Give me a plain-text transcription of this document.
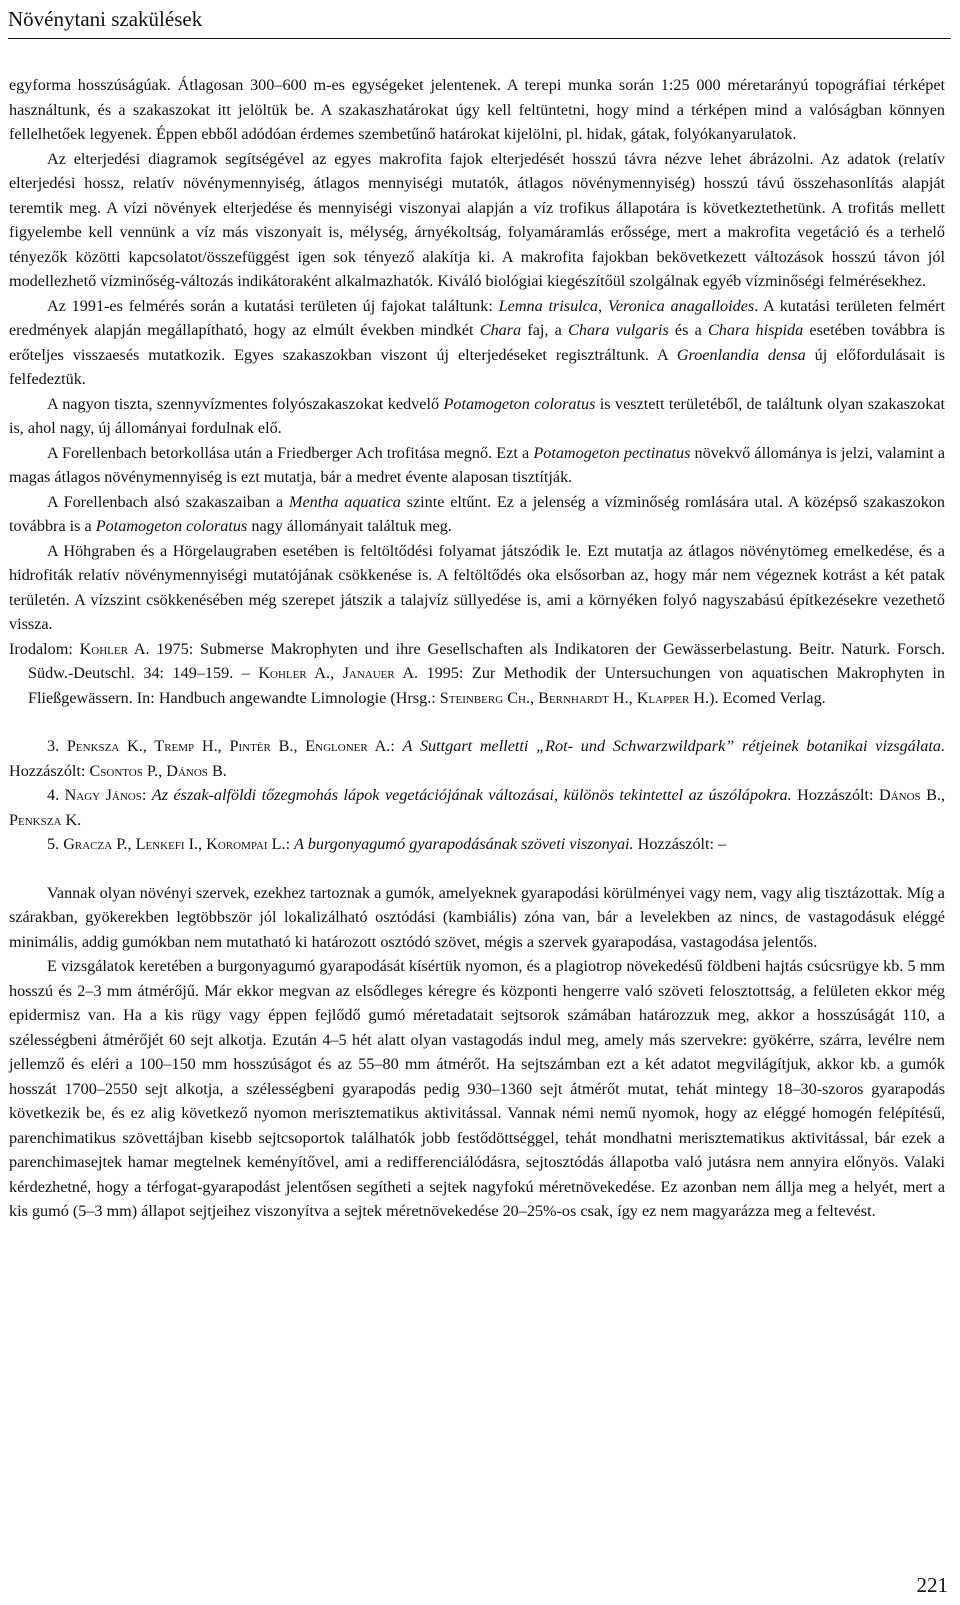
Növénytani szakülések

egyforma hosszúságúak. Átlagosan 300–600 m-es egységeket jelentenek. A terepi munka során 1:25 000 méretarányú topográfiai térképet használtunk, és a szakaszokat itt jelöltük be. A szakaszhatárokat úgy kell feltüntetni, hogy mind a térképen mind a valóságban könnyen fellelhetőek legyenek. Éppen ebből adódóan érdemes szembetűnő határokat kijelölni, pl. hidak, gátak, folyókanyarulatok.

Az elterjedési diagramok segítségével az egyes makrofita fajok elterjedését hosszú távra nézve lehet ábrázolni. Az adatok (relatív elterjedési hossz, relatív növénymennyiség, átlagos mennyiségi mutatók, átlagos növénymennyiség) hosszú távú összehasonlítás alapját teremtik meg. A vízi növények elterjedése és mennyiségi viszonyai alapján a víz trofikus állapotára is következtethetünk. A trofitás mellett figyelembe kell vennünk a víz más viszonyait is, mélység, árnyékoltság, folyamáramlás erőssége, mert a makrofita vegetáció és a terhelő tényezők közötti kapcsolatot/összefüggést igen sok tényező alakítja ki. A makrofita fajokban bekövetkezett változások hosszú távon jól modellezhető vízminőség-változás indikátoraként alkalmazhatók. Kiváló biológiai kiegészítőül szolgálnak egyéb vízminőségi felmérésekhez.

Az 1991-es felmérés során a kutatási területen új fajokat találtunk: Lemna trisulca, Veronica anagalloides. A kutatási területen felmért eredmények alapján megállapítható, hogy az elmúlt években mindkét Chara faj, a Chara vulgaris és a Chara hispida esetében továbbra is erőteljes visszaesés mutatkozik. Egyes szakaszokban viszont új elterjedéseket regisztráltunk. A Groenlandia densa új előfordulásait is felfedeztük.

A nagyon tiszta, szennyvízmentes folyószakaszokat kedvelő Potamogeton coloratus is vesztett területéből, de találtunk olyan szakaszokat is, ahol nagy, új állományai fordulnak elő.

A Forellenbach betorkollása után a Friedberger Ach trofitása megnő. Ezt a Potamogeton pectinatus növekvő állománya is jelzi, valamint a magas átlagos növénymennyiség is ezt mutatja, bár a medret évente alaposan tisztítják.

A Forellenbach alsó szakaszaiban a Mentha aquatica szinte eltűnt. Ez a jelenség a vízminőség romlására utal. A középső szakaszokon továbbra is a Potamogeton coloratus nagy állományait találtuk meg.

A Höhgraben és a Hörgelaugraben esetében is feltöltődési folyamat játszódik le. Ezt mutatja az átlagos növénytömeg emelkedése, és a hidrofiták relatív növénymennyiségi mutatójának csökkenése is. A feltöltődés oka elsősorban az, hogy már nem végeznek kotrást a két patak területén. A vízszint csökkenésében még szerepet játszik a talajvíz süllyedése is, ami a környéken folyó nagyszabású építkezésekre vezethető vissza.

Irodalom: Kohler A. 1975: Submerse Makrophyten und ihre Gesellschaften als Indikatoren der Gewässerbelastung. Beitr. Naturk. Forsch. Südw.-Deutschl. 34: 149–159. – Kohler A., Janauer A. 1995: Zur Methodik der Untersuchungen von aquatischen Makrophyten in Fließgewässern. In: Handbuch angewandte Limnologie (Hrsg.: Steinberg Ch., Bernhardt H., Klapper H.). Ecomed Verlag.

3. Penksza K., Tremp H., Pintér B., Engloner A.: A Suttgart melletti „Rot- und Schwarzwildpark” rétjeinek botanikai vizsgálata. Hozzászólt: Csontos P., Dános B.

4. Nagy János: Az észak-alföldi tőzegmohás lápok vegetációjának változásai, különös tekintettel az úszólápokra. Hozzászólt: Dános B., Penksza K.

5. Gracza P., Lenkefi I., Korompai L.: A burgonyagumó gyarapodásának szöveti viszonyai. Hozzászólt: –

Vannak olyan növényi szervek, ezekhez tartoznak a gumók, amelyeknek gyarapodási körülményei vagy nem, vagy alig tisztázottak. Míg a szárakban, gyökerekben legtöbbször jól lokalizálható osztódási (kambiális) zóna van, bár a levelekben az nincs, de vastagodásuk eléggé minimális, addig gumókban nem mutatható ki határozott osztódó szövet, mégis a szervek gyarapodása, vastagodása jelentős.

E vizsgálatok keretében a burgonyagumó gyarapodását kísértük nyomon, és a plagiotrop növekedésű földbeni hajtás csúcsrügye kb. 5 mm hosszú és 2–3 mm átmérőjű. Már ekkor megvan az elsődleges kéregre és központi hengerre való szöveti felosztottság, a felületen ekkor még epidermisz van. Ha a kis rügy vagy éppen fejlődő gumó méretadatait sejtsorok számában határozzuk meg, akkor a hosszúságát 110, a szélességbeni átmérőjét 60 sejt alkotja. Ezután 4–5 hét alatt olyan vastagodás indul meg, amely más szervekre: gyökérre, szárra, levélre nem jellemző és eléri a 100–150 mm hosszúságot és az 55–80 mm átmérőt. Ha sejtszámban ezt a két adatot megvilágítjuk, akkor kb. a gumók hosszát 1700–2550 sejt alkotja, a szélességbeni gyarapodás pedig 930–1360 sejt átmérőt mutat, tehát mintegy 18–30-szoros gyarapodás következik be, és ez alig következő nyomon merisztematikus aktivitással. Vannak némi nemű nyomok, hogy az eléggé homogén felépítésű, parenchimatikus szövettájban kisebb sejtcsoportok találhatók jobb festődöttséggel, tehát mondhatni merisztematikus aktivitással, bár ezek a parenchimasejtek hamar megtelnek keményítővel, ami a redifferenciálódásra, sejtosztódás állapotba való jutásra nem annyira előnyös. Valaki kérdezhetné, hogy a térfogat-gyarapodást jelentősen segítheti a sejtek nagyfokú méretnövekedése. Ez azonban nem állja meg a helyét, mert a kis gumó (5–3 mm) állapot sejtjeihez viszonyítva a sejtek méretnövekedése 20–25%-os csak, így ez nem magyarázza meg a feltevést.

221
